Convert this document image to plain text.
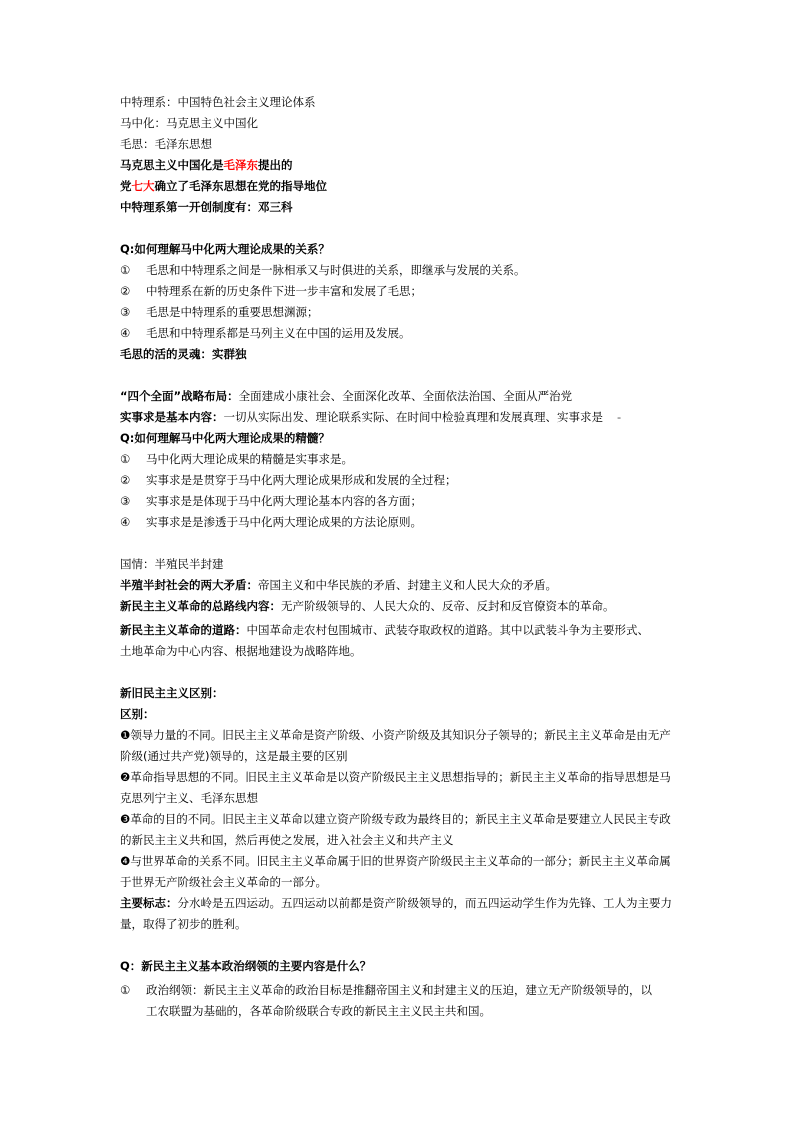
中特理系：中国特色社会主义理论体系
马中化：马克思主义中国化
毛思：毛泽东思想
马克思主义中国化是毛泽东提出的
党七大确立了毛泽东思想在党的指导地位
中特理系第一开创制度有：邓三科
Q:如何理解马中化两大理论成果的关系？
①	毛思和中特理系之间是一脉相承又与时俱进的关系，即继承与发展的关系。
②	中特理系在新的历史条件下进一步丰富和发展了毛思；
③	毛思是中特理系的重要思想渊源；
④	毛思和中特理系都是马列主义在中国的运用及发展。
毛思的活的灵魂：实群独
“四个全面”战略布局：全面建成小康社会、全面深化改革、全面依法治国、全面从严治党
实事求是基本内容：一切从实际出发、理论联系实际、在时间中检验真理和发展真理、实事求是 -
Q:如何理解马中化两大理论成果的精髓？
①	马中化两大理论成果的精髓是实事求是。
②	实事求是是贯穿于马中化两大理论成果形成和发展的全过程；
③	实事求是是体现于马中化两大理论基本内容的各方面；
④	实事求是是渗透于马中化两大理论成果的方法论原则。
国情：半殖民半封建
半殖半封社会的两大矛盾：帝国主义和中华民族的矛盾、封建主义和人民大众的矛盾。
新民主主义革命的总路线内容：无产阶级领导的、人民大众的、反帝、反封和反官僚资本的革命。
新民主主义革命的道路：中国革命走农村包围城市、武装夺取政权的道路。其中以武装斗争为主要形式、
土地革命为中心内容、根据地建设为战略阵地。
新旧民主主义区别：
区别：
❶领导力量的不同。旧民主主义革命是资产阶级、小资产阶级及其知识分子领导的；新民主主义革命是由无产阶级(通过共产党)领导的，这是最主要的区别
❷革命指导思想的不同。旧民主主义革命是以资产阶级民主主义思想指导的；新民主主义革命的指导思想是马克思列宁主义、毛泽东思想
❸革命的目的不同。旧民主主义革命以建立资产阶级专政为最终目的；新民主主义革命是要建立人民民主专政的新民主主义共和国，然后再使之发展，进入社会主义和共产主义
❹与世界革命的关系不同。旧民主主义革命属于旧的世界资产阶级民主主义革命的一部分；新民主主义革命属于世界无产阶级社会主义革命的一部分。
主要标志：分水岭是五四运动。五四运动以前都是资产阶级领导的，而五四运动学生作为先锋、工人为主要力量，取得了初步的胜利。
Q：新民主主义基本政治纲领的主要内容是什么？
①	政治纲领：新民主主义革命的政治目标是推翻帝国主义和封建主义的压迫，建立无产阶级领导的，以
工农联盟为基础的，各革命阶级联合专政的新民主主义民主共和国。
